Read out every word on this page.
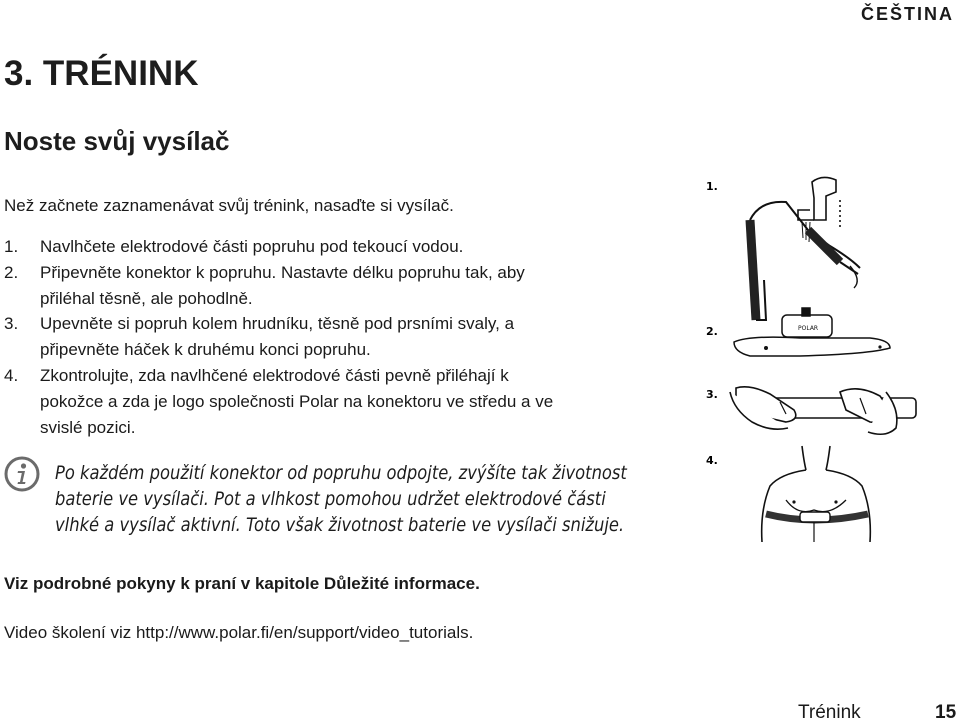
ČEŠTINA
3. TRÉNINK
Noste svůj vysílač
Než začnete zaznamenávat svůj trénink, nasaďte si vysílač.
1. Navlhčete elektrodové části popruhu pod tekoucí vodou.
2. Připevněte konektor k popruhu. Nastavte délku popruhu tak, aby
přiléhal těsně, ale pohodlně.
3. Upevněte si popruh kolem hrudníku, těsně pod prsními svaly, a
připevněte háček k druhému konci popruhu.
4. Zkontrolujte, zda navlhčené elektrodové části pevně přiléhají k
pokožce a zda je logo společnosti Polar na konektoru ve středu a ve
svislé pozici.
Po každém použití konektor od popruhu odpojte, zvýšíte tak životnost
baterie ve vysílači. Pot a vlhkost pomohou udržet elektrodové části
vlhké a vysílač aktivní. Toto však životnost baterie ve vysílači snižuje.
Viz podrobné pokyny k praní v kapitole Důležité informace.
Video školení viz http://www.polar.fi/en/support/video_tutorials.
1.
2.
3.
4.
POLAR
Trénink	15
